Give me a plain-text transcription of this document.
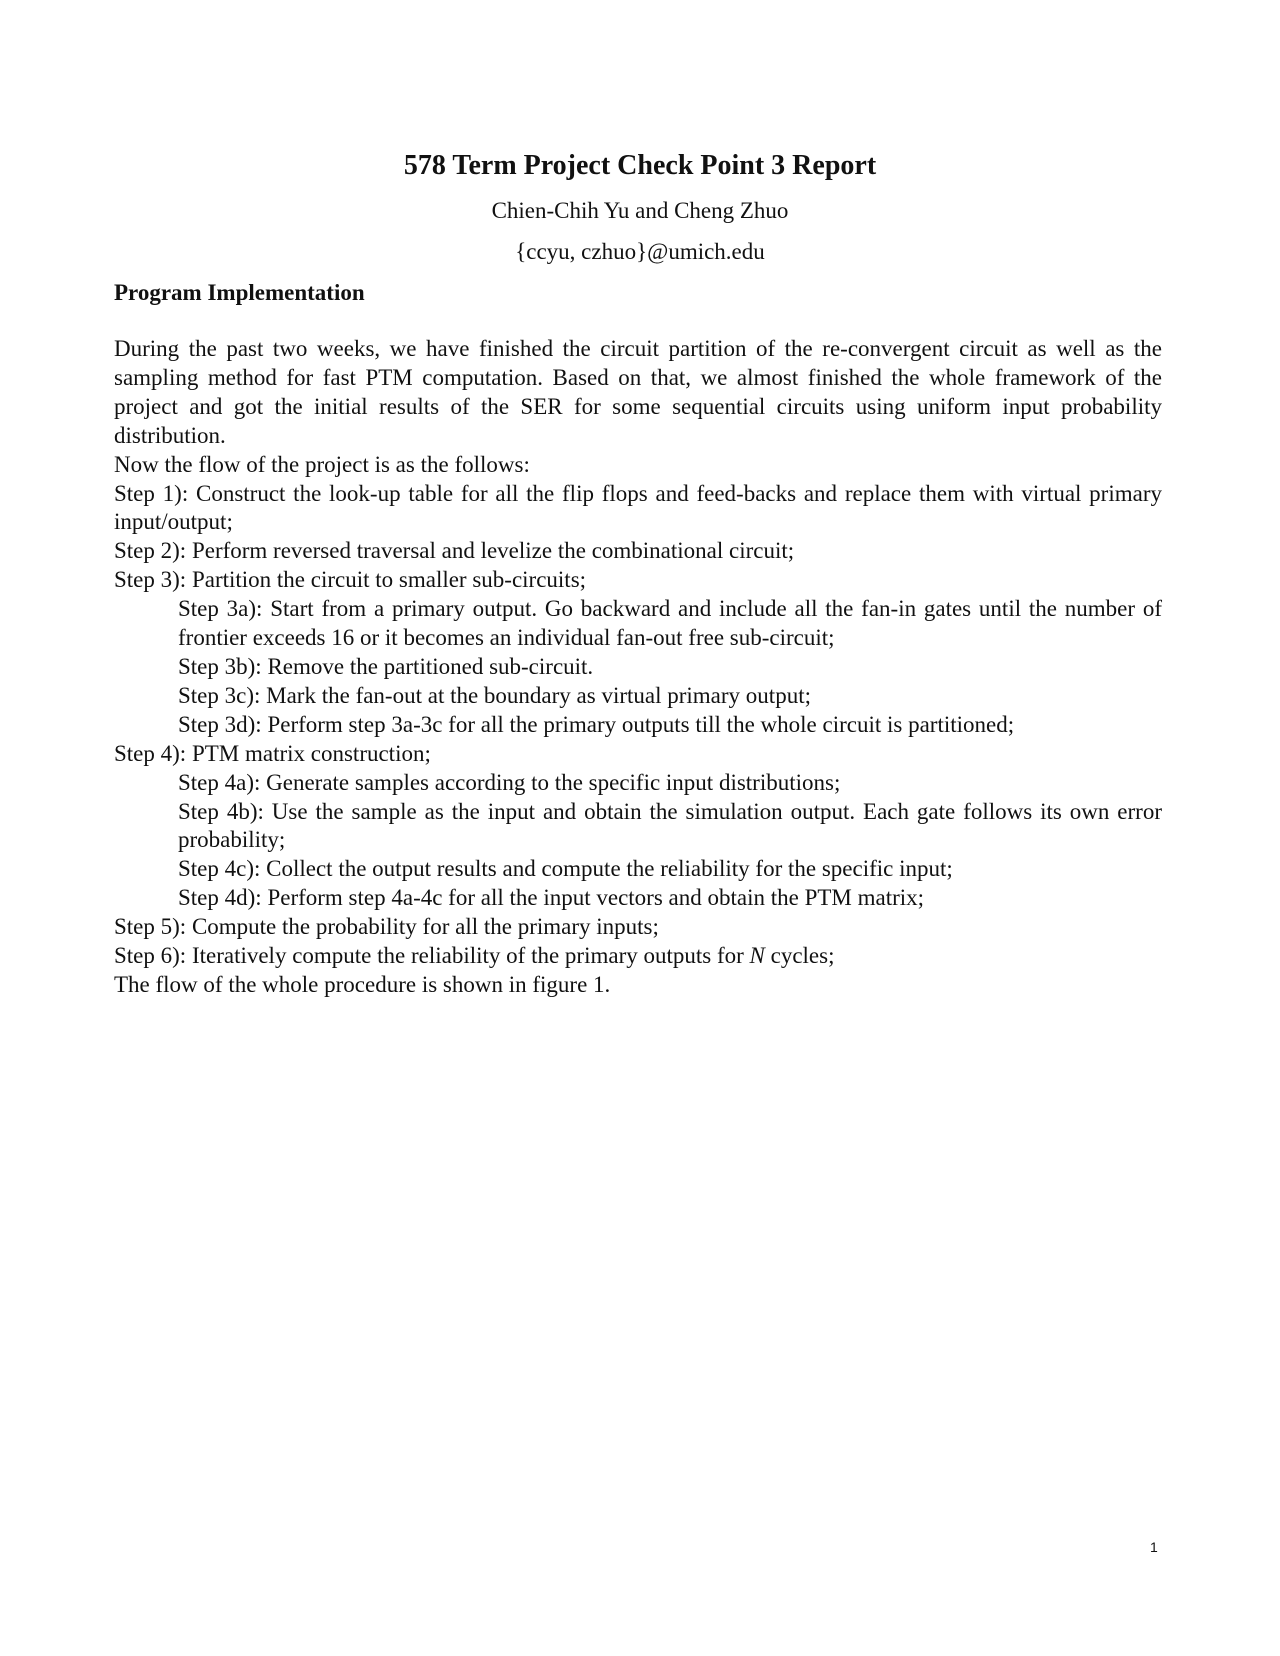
578 Term Project Check Point 3 Report

Chien-Chih Yu and Cheng Zhuo

{ccyu, czhuo}@umich.edu

Program Implementation

During the past two weeks, we have finished the circuit partition of the re-convergent circuit as well as the sampling method for fast PTM computation. Based on that, we almost finished the whole framework of the project and got the initial results of the SER for some sequential circuits using uniform input probability distribution.

Now the flow of the project is as the follows:

Step 1): Construct the look-up table for all the flip flops and feed-backs and replace them with virtual primary input/output;

Step 2): Perform reversed traversal and levelize the combinational circuit;

Step 3): Partition the circuit to smaller sub-circuits;

Step 3a): Start from a primary output. Go backward and include all the fan-in gates until the number of frontier exceeds 16 or it becomes an individual fan-out free sub-circuit;

Step 3b): Remove the partitioned sub-circuit.

Step 3c): Mark the fan-out at the boundary as virtual primary output;

Step 3d): Perform step 3a-3c for all the primary outputs till the whole circuit is partitioned;

Step 4): PTM matrix construction;

Step 4a): Generate samples according to the specific input distributions;

Step 4b): Use the sample as the input and obtain the simulation output. Each gate follows its own error probability;

Step 4c): Collect the output results and compute the reliability for the specific input;

Step 4d): Perform step 4a-4c for all the input vectors and obtain the PTM matrix;

Step 5): Compute the probability for all the primary inputs;

Step 6): Iteratively compute the reliability of the primary outputs for N cycles;

The flow of the whole procedure is shown in figure 1.

1
